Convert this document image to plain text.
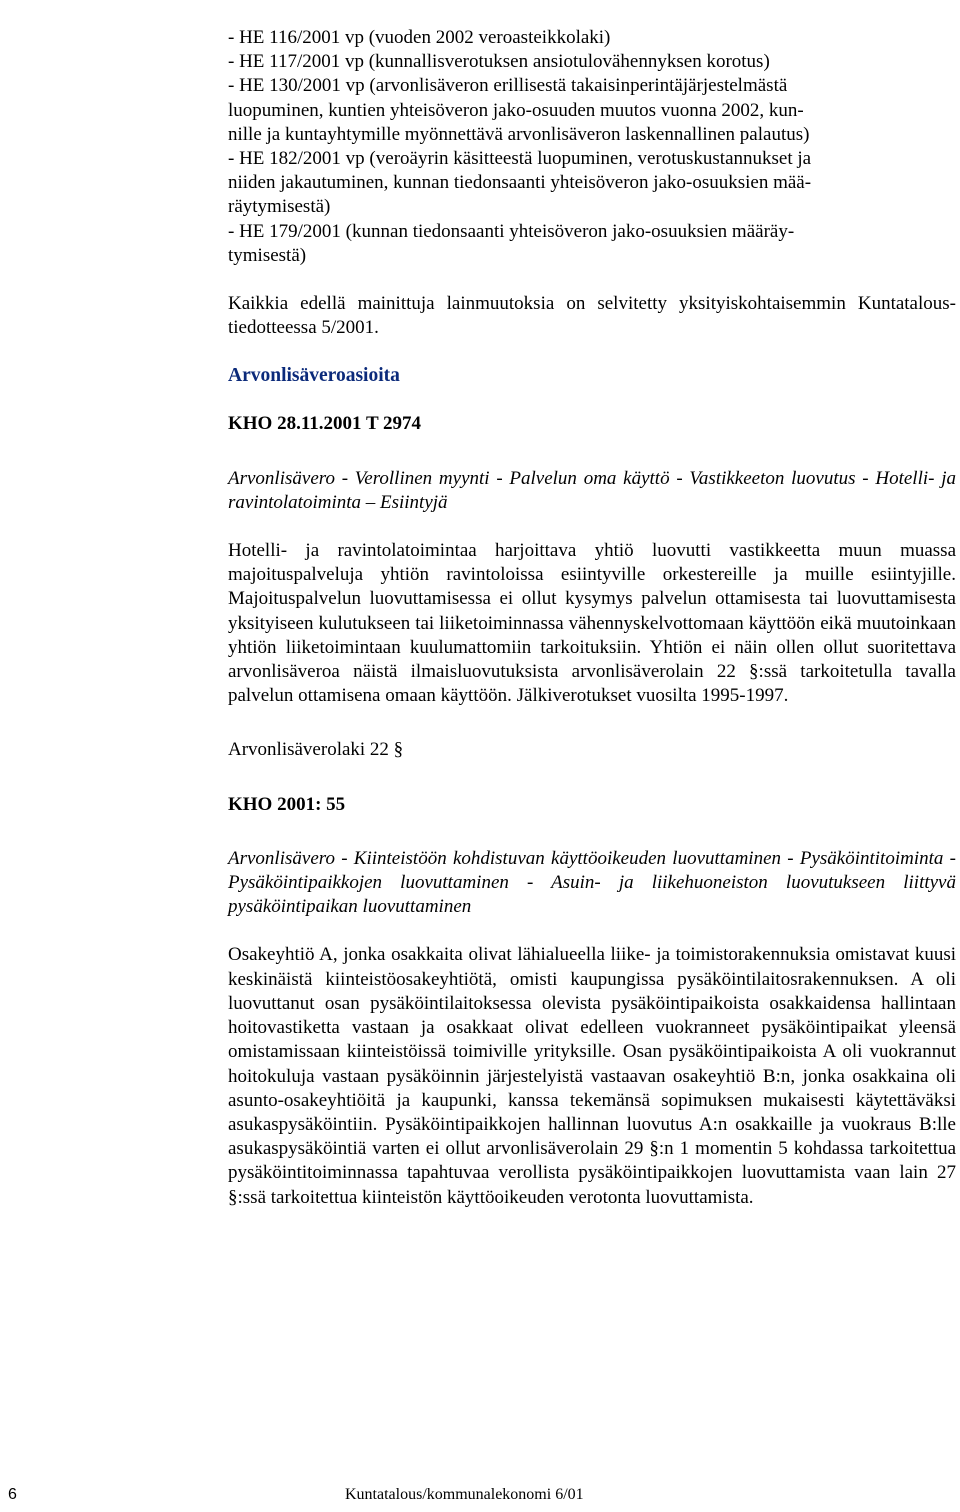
- HE 116/2001 vp (vuoden 2002 veroasteikkolaki)
- HE 117/2001 vp (kunnallisverotuksen ansiotulovähennyksen korotus)
- HE 130/2001 vp (arvonlisäveron erillisestä takaisinperintäjärjestelmästä
luopuminen, kuntien yhteisöveron jako-osuuden muutos vuonna 2002, kun-
nille ja kuntayhtymille myönnettävä arvonlisäveron laskennallinen palautus)
- HE 182/2001 vp (veroäyrin käsitteestä luopuminen, verotuskustannukset ja
niiden jakautuminen, kunnan tiedonsaanti yhteisöveron jako-osuuksien mää-
räytymisestä)
- HE 179/2001 (kunnan tiedonsaanti yhteisöveron jako-osuuksien määräy-
tymisestä)

Kaikkia edellä mainittuja lainmuutoksia on selvitetty yksityiskohtaisemmin Kuntatalous-tiedotteessa 5/2001.

Arvonlisäveroasioita
KHO 28.11.2001 T 2974

Arvonlisävero - Verollinen myynti - Palvelun oma käyttö - Vastikkeeton luovutus - Hotelli- ja ravintolatoiminta – Esiintyjä

Hotelli- ja ravintolatoimintaa harjoittava yhtiö luovutti vastikkeetta muun muassa majoituspalveluja yhtiön ravintoloissa esiintyville orkestereille ja muille esiintyjille. Majoituspalvelun luovuttamisessa ei ollut kysymys palvelun ottamisesta tai luovuttamisesta yksityiseen kulutukseen tai liiketoiminnassa vähennyskelvottomaan käyttöön eikä muutoinkaan yhtiön liiketoimintaan kuulumattomiin tarkoituksiin. Yhtiön ei näin ollen ollut suoritettava arvonlisäveroa näistä ilmaisluovutuksista arvonlisäverolain 22 §:ssä tarkoitetulla tavalla palvelun ottamisena omaan käyttöön. Jälkiverotukset vuosilta 1995-1997.

Arvonlisäverolaki 22 §
KHO 2001: 55

Arvonlisävero - Kiinteistöön kohdistuvan käyttöoikeuden luovuttaminen - Pysäköintitoiminta - Pysäköintipaikkojen luovuttaminen - Asuin- ja liikehuoneiston luovutukseen liittyvä pysäköintipaikan luovuttaminen

Osakeyhtiö A, jonka osakkaita olivat lähialueella liike- ja toimistorakennuksia omistavat kuusi keskinäistä kiinteistöosakeyhtiötä, omisti kaupungissa pysäköintilaitosrakennuksen. A oli luovuttanut osan pysäköintilaitoksessa olevista pysäköintipaikoista osakkaidensa hallintaan hoitovastiketta vastaan ja osakkaat olivat edelleen vuokranneet pysäköintipaikat yleensä omistamissaan kiinteistöissä toimiville yrityksille. Osan pysäköintipaikoista A oli vuokrannut hoitokuluja vastaan pysäköinnin järjestelyistä vastaavan osakeyhtiö B:n, jonka osakkaina oli asunto-osakeyhtiöitä ja kaupunki, kanssa tekemänsä sopimuksen mukaisesti käytettäväksi asukaspysäköintiin. Pysäköintipaikkojen hallinnan luovutus A:n osakkaille ja vuokraus B:lle asukaspysäköintiä varten ei ollut arvonlisäverolain 29 §:n 1 momentin 5 kohdassa tarkoitettua pysäköintitoiminnassa tapahtuvaa verollista pysäköintipaikkojen luovuttamista vaan lain 27 §:ssä tarkoitettua kiinteistön käyttöoikeuden verotonta luovuttamista.

6	Kuntatalous/kommunalekonomi 6/01
